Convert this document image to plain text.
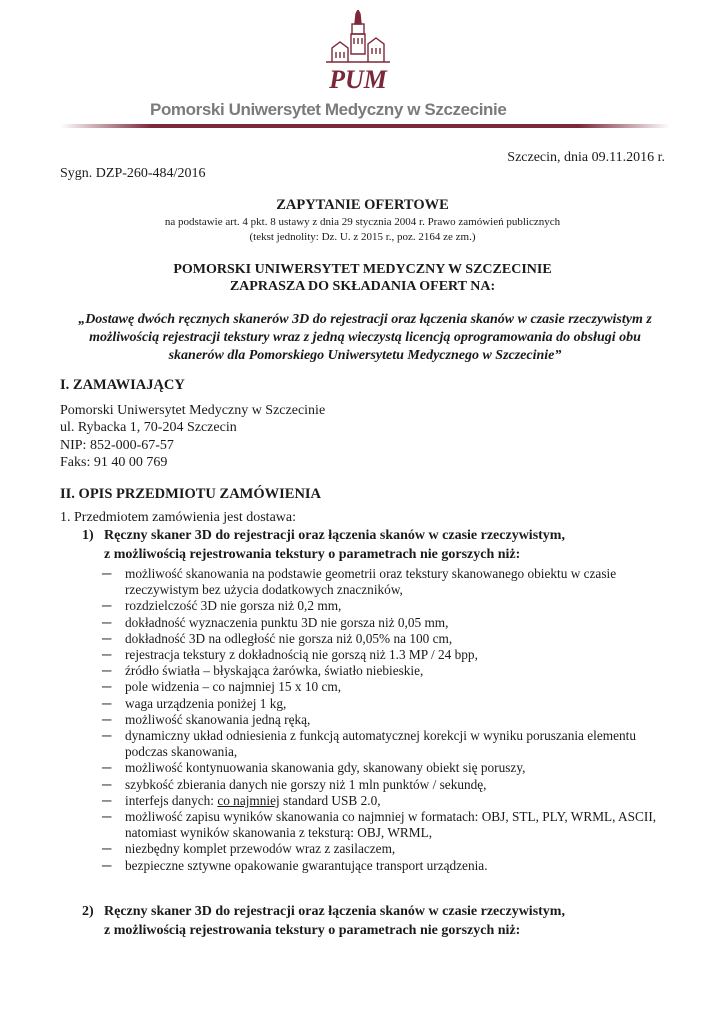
PUM
Pomorski Uniwersytet Medyczny w Szczecinie
Szczecin, dnia 09.11.2016 r.
Sygn. DZP-260-484/2016
ZAPYTANIE OFERTOWE
na podstawie art. 4 pkt. 8 ustawy z dnia 29 stycznia 2004 r. Prawo zamówień publicznych
(tekst jednolity: Dz. U. z 2015 r., poz. 2164 ze zm.)
POMORSKI UNIWERSYTET MEDYCZNY W SZCZECINIE
ZAPRASZA DO SKŁADANIA OFERT NA:
„Dostawę dwóch ręcznych skanerów 3D do rejestracji oraz łączenia skanów w czasie rzeczywistym z możliwością rejestracji tekstury wraz z jedną wieczystą licencją oprogramowania do obsługi obu skanerów dla Pomorskiego Uniwersytetu Medycznego w Szczecinie”
I. ZAMAWIAJĄCY
Pomorski Uniwersytet Medyczny w Szczecinie
ul. Rybacka 1, 70-204 Szczecin
NIP: 852-000-67-57
Faks: 91 40 00 769
II. OPIS PRZEDMIOTU ZAMÓWIENIA
1. Przedmiotem zamówienia jest dostawa:
1) Ręczny skaner 3D do rejestracji oraz łączenia skanów w czasie rzeczywistym,
z możliwością rejestrowania tekstury o parametrach nie gorszych niż:
─ możliwość skanowania na podstawie geometrii oraz tekstury skanowanego obiektu w czasie rzeczywistym bez użycia dodatkowych znaczników,
─ rozdzielczość 3D nie gorsza niż 0,2 mm,
─ dokładność wyznaczenia punktu 3D nie gorsza niż 0,05 mm,
─ dokładność 3D na odległość nie gorsza niż 0,05% na 100 cm,
─ rejestracja tekstury z dokładnością nie gorszą niż 1.3 MP / 24 bpp,
─ źródło światła – błyskająca żarówka, światło niebieskie,
─ pole widzenia – co najmniej 15 x 10 cm,
─ waga urządzenia poniżej 1 kg,
─ możliwość skanowania jedną ręką,
─ dynamiczny układ odniesienia z funkcją automatycznej korekcji w wyniku poruszania elementu podczas skanowania,
─ możliwość kontynuowania skanowania gdy, skanowany obiekt się poruszy,
─ szybkość zbierania danych nie gorszy niż 1 mln punktów / sekundę,
─ interfejs danych: co najmniej standard USB 2.0,
─ możliwość zapisu wyników skanowania co najmniej w formatach: OBJ, STL, PLY, WRML, ASCII, natomiast wyników skanowania z teksturą: OBJ, WRML,
─ niezbędny komplet przewodów wraz z zasilaczem,
─ bezpieczne sztywne opakowanie gwarantujące transport urządzenia.
2) Ręczny skaner 3D do rejestracji oraz łączenia skanów w czasie rzeczywistym,
z możliwością rejestrowania tekstury o parametrach nie gorszych niż:
